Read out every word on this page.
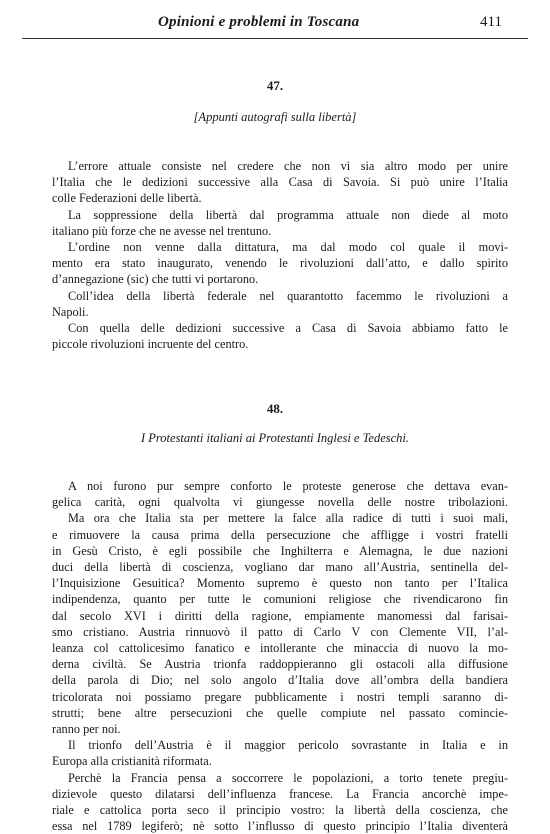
Opinioni e problemi in Toscana	411
47.
[Appunti autografi sulla libertà]
L’errore attuale consiste nel credere che non vi sia altro modo per unire
l’Italia che le dedizioni successive alla Casa di Savoia. Si può unire l’Italia
colle Federazioni delle libertà.
La soppressione della libertà dal programma attuale non diede al moto
italiano più forze che ne avesse nel trentuno.
L’ordine non venne dalla dittatura, ma dal modo col quale il movi-
mento era stato inaugurato, venendo le rivoluzioni dall’atto, e dallo spirito
d’annegazione (sic) che tutti vi portarono.
Coll’idea della libertà federale nel quarantotto facemmo le rivoluzioni a
Napoli.
Con quella delle dedizioni successive a Casa di Savoia abbiamo fatto le
piccole rivoluzioni incruente del centro.
48.
I Protestanti italiani ai Protestanti Inglesi e Tedeschi.
A noi furono pur sempre conforto le proteste generose che dettava evan-
gelica carità, ogni qualvolta vi giungesse novella delle nostre tribolazioni.
Ma ora che Italia sta per mettere la falce alla radice di tutti i suoi mali,
e rimuovere la causa prima della persecuzione che affligge i vostri fratelli
in Gesù Cristo, è egli possibile che Inghilterra e Alemagna, le due nazioni
duci della libertà di coscienza, vogliano dar mano all’Austria, sentinella del-
l’Inquisizione Gesuitica? Momento supremo è questo non tanto per l’Italica
indipendenza, quanto per tutte le comunioni religiose che rivendicarono fin
dal secolo XVI i diritti della ragione, empiamente manomessi dal farisai-
smo cristiano. Austria rinnuovò il patto di Carlo V con Clemente VII, l’al-
leanza col cattolicesimo fanatico e intollerante che minaccia di nuovo la mo-
derna civiltà. Se Austria trionfa raddoppieranno gli ostacoli alla diffusione
della parola di Dio; nel solo angolo d’Italia dove all’ombra della bandiera
tricolorata noi possiamo pregare pubblicamente i nostri templi saranno di-
strutti; bene altre persecuzioni che quelle compiute nel passato comincie-
ranno per noi.
Il trionfo dell’Austria è il maggior pericolo sovrastante in Italia e in
Europa alla cristianità riformata.
Perchè la Francia pensa a soccorrere le popolazioni, a torto tenete pregiu-
dizievole questo dilatarsi dell’influenza francese. La Francia ancorchè impe-
riale e cattolica porta seco il principio vostro: la libertà della coscienza, che
essa nel 1789 legiferò; nè sotto l’influsso di questo principio l’Italia diventerà
